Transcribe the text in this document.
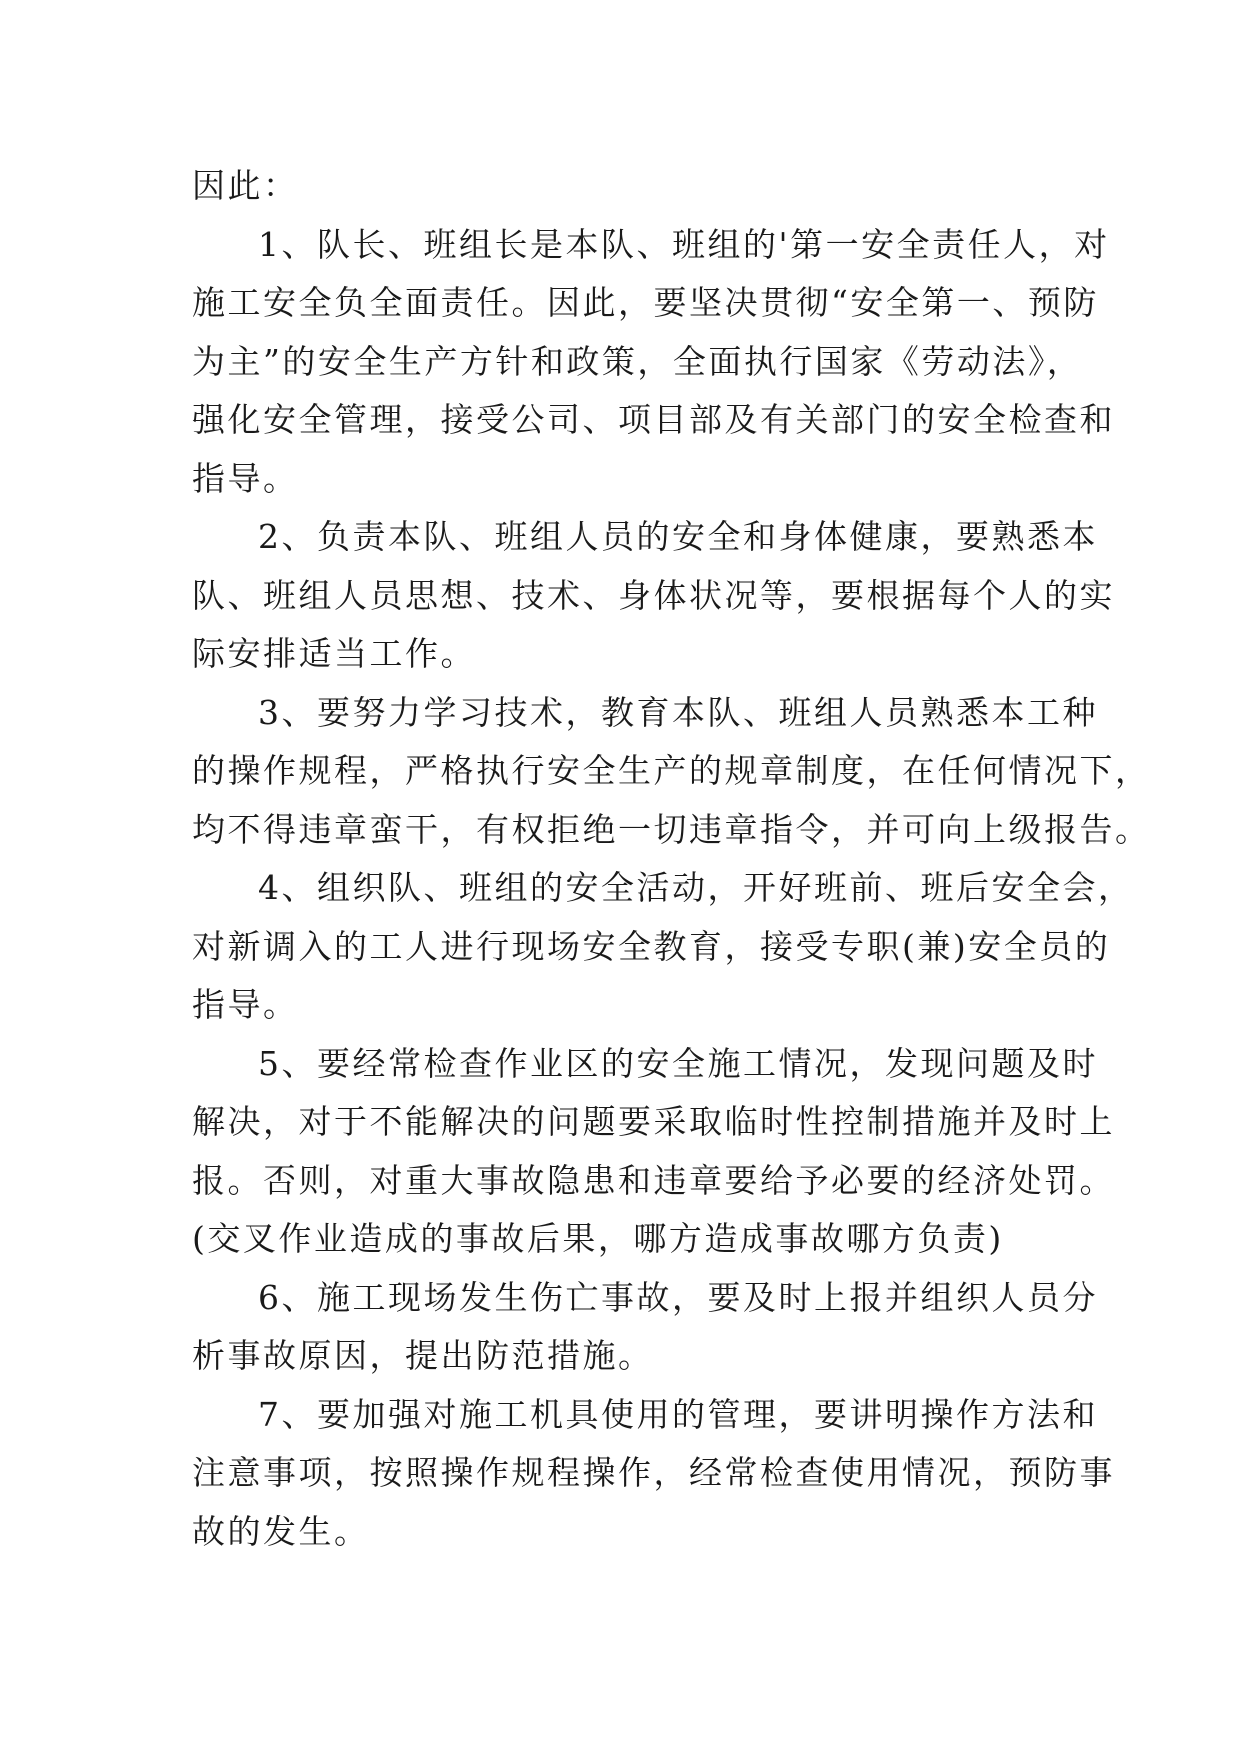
因此：

1、队长、班组长是本队、班组的'第一安全责任人，对
施工安全负全面责任。因此，要坚决贯彻“安全第一、预防
为主”的安全生产方针和政策，全面执行国家《劳动法》，
强化安全管理，接受公司、项目部及有关部门的安全检查和
指导。

2、负责本队、班组人员的安全和身体健康，要熟悉本
队、班组人员思想、技术、身体状况等，要根据每个人的实
际安排适当工作。

3、要努力学习技术，教育本队、班组人员熟悉本工种
的操作规程，严格执行安全生产的规章制度，在任何情况下，
均不得违章蛮干，有权拒绝一切违章指令，并可向上级报告。

4、组织队、班组的安全活动，开好班前、班后安全会，
对新调入的工人进行现场安全教育，接受专职(兼)安全员的
指导。

5、要经常检查作业区的安全施工情况，发现问题及时
解决，对于不能解决的问题要采取临时性控制措施并及时上
报。否则，对重大事故隐患和违章要给予必要的经济处罚。
(交叉作业造成的事故后果，哪方造成事故哪方负责)

6、施工现场发生伤亡事故，要及时上报并组织人员分
析事故原因，提出防范措施。

7、要加强对施工机具使用的管理，要讲明操作方法和
注意事项，按照操作规程操作，经常检查使用情况，预防事
故的发生。
